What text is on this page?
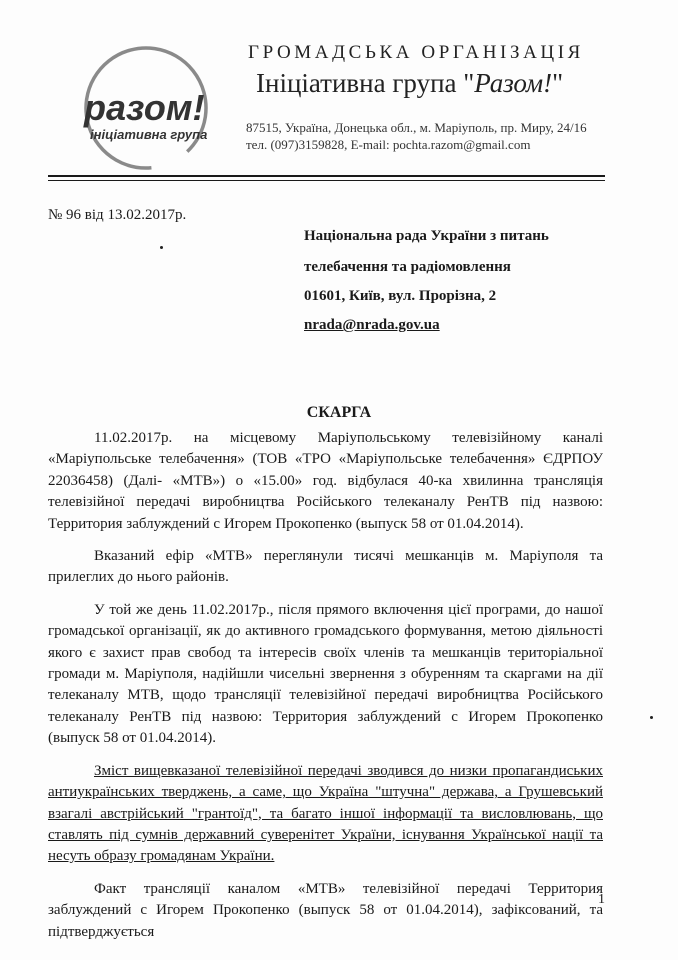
разом!
ініціативна група
ГРОМАДСЬКА ОРГАНІЗАЦІЯ
Ініціативна група "Разом!"
87515, Україна, Донецька обл., м. Маріуполь, пр. Миру, 24/16
тел. (097)3159828, E-mail: pochta.razom@gmail.com
№ 96 від 13.02.2017р.
Національна рада України з питань
телебачення та радіомовлення
01601, Київ, вул. Прорізна, 2
nrada@nrada.gov.ua
СКАРГА

11.02.2017р. на місцевому Маріупольському телевізійному каналі «Маріупольське телебачення» (ТОВ «ТРО «Маріупольське телебачення» ЄДРПОУ 22036458) (Далі- «МТВ») о «15.00» год. відбулася 40-ка хвилинна трансляція телевізійної передачі виробництва Російського телеканалу РенТВ під назвою: Территория заблуждений с Игорем Прокопенко (выпуск 58 от 01.04.2014).

Вказаний ефір «МТВ» переглянули тисячі мешканців м. Маріуполя та прилеглих до нього районів.

У той же день 11.02.2017р., після прямого включення цієї програми, до нашої громадської організації, як до активного громадського формування, метою діяльності якого є захист прав свобод та інтересів своїх членів та мешканців територіальної громади м. Маріуполя, надійшли чисельні звернення з обуренням та скаргами на дії телеканалу МТВ, щодо трансляції телевізійної передачі виробництва Російського телеканалу РенТВ під назвою: Территория заблуждений с Игорем Прокопенко (выпуск 58 от 01.04.2014).

Зміст вищевказаної телевізійної передачі зводився до низки пропагандиських антиукраїнських тверджень, а саме, що Україна "штучна" держава, а Грушевський взагалі австрійський "грантоїд", та багато іншої інформації та висловлювань, що ставлять під сумнів державний суверенітет України, існування Української нації та несуть образу громадянам України.

Факт трансляції каналом «МТВ» телевізійної передачі Территория заблуждений с Игорем Прокопенко (выпуск 58 от 01.04.2014), зафіксований, та підтверджується

1
